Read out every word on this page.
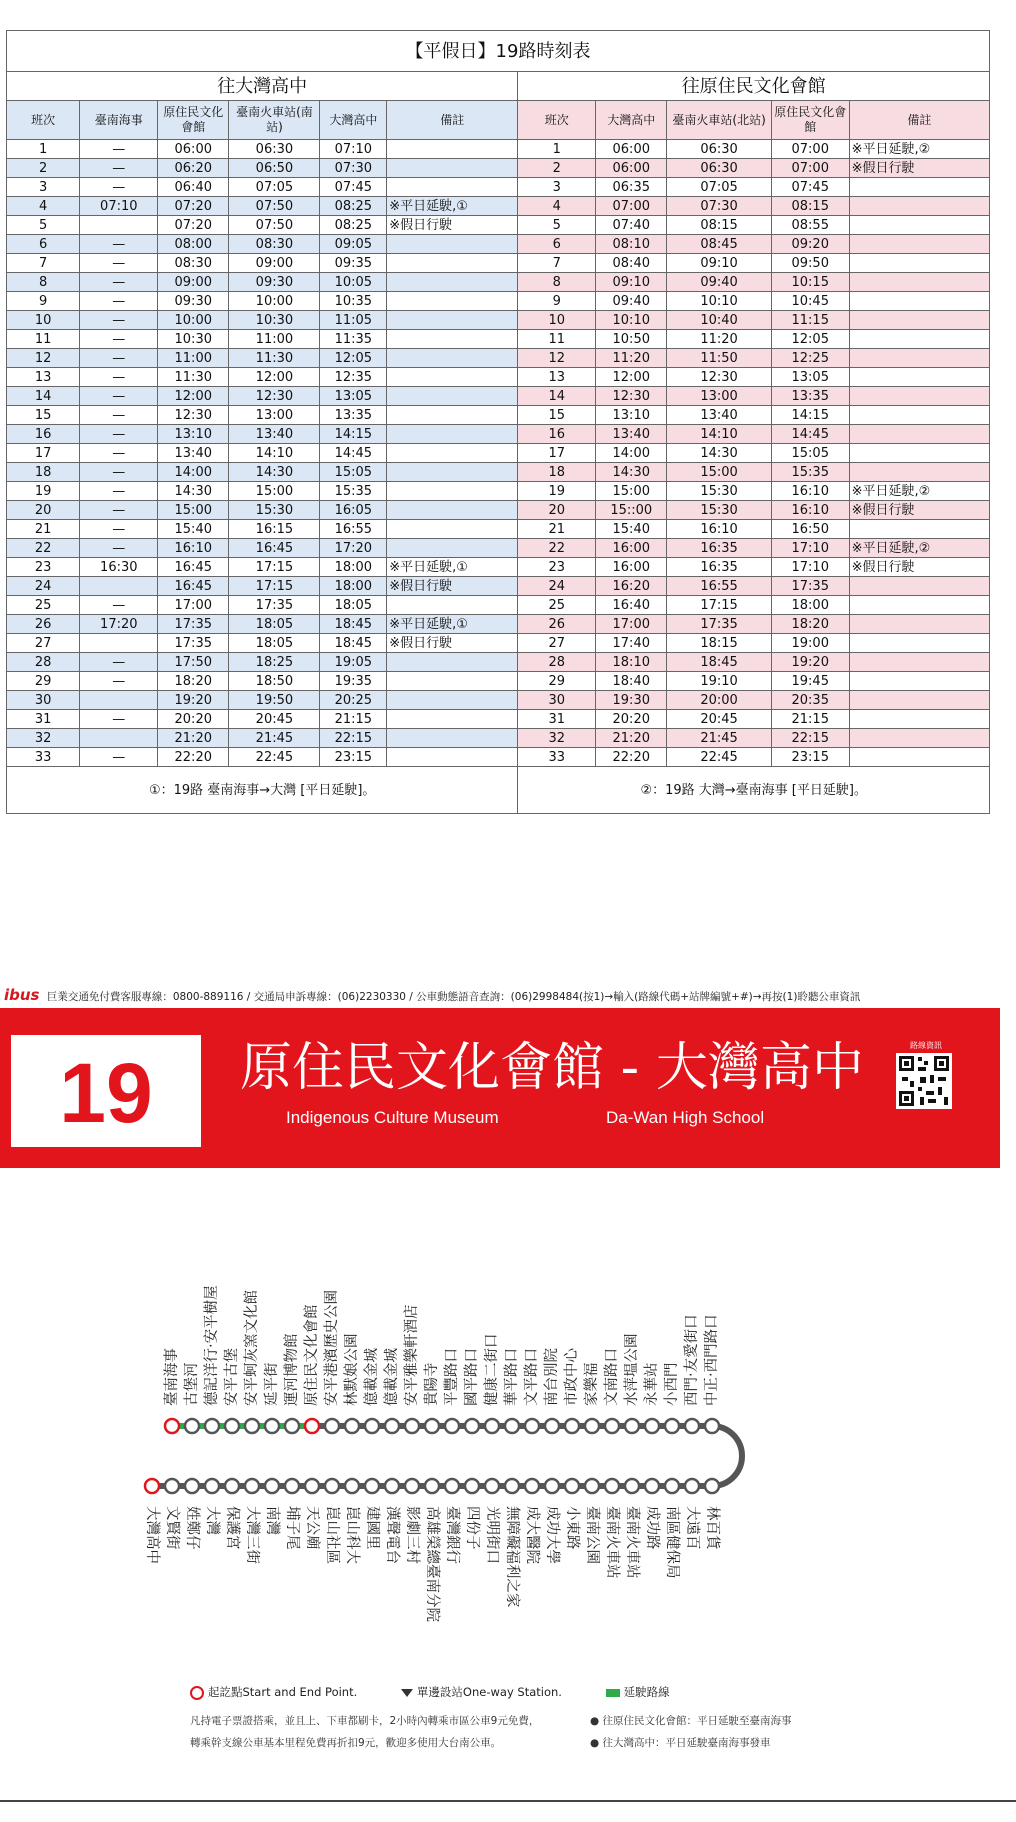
【平假日】19路時刻表										
往大灣高中						往原住民文化會館				
班次	臺南海事	原住民文化會館	臺南火車站(南站)	大灣高中	備註	班次	大灣高中	臺南火車站(北站)	原住民文化會館	備註
1	—	06:00	06:30	07:10		1	06:00	06:30	07:00	※平日延駛,②
2	—	06:20	06:50	07:30		2	06:00	06:30	07:00	※假日行駛
3	—	06:40	07:05	07:45		3	06:35	07:05	07:45	
4	07:10	07:20	07:50	08:25	※平日延駛,①	4	07:00	07:30	08:15	
5		07:20	07:50	08:25	※假日行駛	5	07:40	08:15	08:55	
6	—	08:00	08:30	09:05		6	08:10	08:45	09:20	
7	—	08:30	09:00	09:35		7	08:40	09:10	09:50	
8	—	09:00	09:30	10:05		8	09:10	09:40	10:15	
9	—	09:30	10:00	10:35		9	09:40	10:10	10:45	
10	—	10:00	10:30	11:05		10	10:10	10:40	11:15	
11	—	10:30	11:00	11:35		11	10:50	11:20	12:05	
12	—	11:00	11:30	12:05		12	11:20	11:50	12:25	
13	—	11:30	12:00	12:35		13	12:00	12:30	13:05	
14	—	12:00	12:30	13:05		14	12:30	13:00	13:35	
15	—	12:30	13:00	13:35		15	13:10	13:40	14:15	
16	—	13:10	13:40	14:15		16	13:40	14:10	14:45	
17	—	13:40	14:10	14:45		17	14:00	14:30	15:05	
18	—	14:00	14:30	15:05		18	14:30	15:00	15:35	
19	—	14:30	15:00	15:35		19	15:00	15:30	16:10	※平日延駛,②
20	—	15:00	15:30	16:05		20	15::00	15:30	16:10	※假日行駛
21	—	15:40	16:15	16:55		21	15:40	16:10	16:50	
22	—	16:10	16:45	17:20		22	16:00	16:35	17:10	※平日延駛,②
23	16:30	16:45	17:15	18:00	※平日延駛,①	23	16:00	16:35	17:10	※假日行駛
24		16:45	17:15	18:00	※假日行駛	24	16:20	16:55	17:35	
25	—	17:00	17:35	18:05		25	16:40	17:15	18:00	
26	17:20	17:35	18:05	18:45	※平日延駛,①	26	17:00	17:35	18:20	
27		17:35	18:05	18:45	※假日行駛	27	17:40	18:15	19:00	
28	—	17:50	18:25	19:05		28	18:10	18:45	19:20	
29	—	18:20	18:50	19:35		29	18:40	19:10	19:45	
30		19:20	19:50	20:25		30	19:30	20:00	20:35	
31	—	20:20	20:45	21:15		31	20:20	20:45	21:15	
32		21:20	21:45	22:15		32	21:20	21:45	22:15	
33	—	22:20	22:45	23:15		33	22:20	22:45	23:15	
①：19路 臺南海事→大灣 [平日延駛]。						②：19路 大灣→臺南海事 [平日延駛]。				
ibus 巨業交通免付費客服專線：0800-889116 / 交通局申訴專線：(06)2230330 / 公車動態語音查詢：(06)2998484(按1)→輸入(路線代碼+站牌編號+#)→再按(1)聆聽公車資訊
19	原住民文化會館 - 大灣高中
Indigenous Culture Museum	Da-Wan High School
路線資訊
臺南海事 古堡河 德記洋行‧安平樹屋 安平古堡 安平蚵灰窯文化館 延平街 運河博物館 原住民文化會館 安平港濱歷史公園 林默娘公園 億載金城 億載金城 安平雅樂軒酒店 貴陽寺 平豐路口 國平路口 健康二街口 華平路口 文平路口 南台別院 市政中心 家樂福 文南路口 水萍塭公園 永華站 小西門 西門‧友愛街口 中正‧西門路口
大灣高中 文賢街 姓鄭仔 大灣 保護宮 大灣三街 南灣 埔子尾 天公廟 崑山社區 崑山科大 建國里 漢聲電台 影劇三村 高雄榮總臺南分院 臺灣銀行 四份子 光明街口 無障礙福利之家 成大醫院 成功大學 小東路 臺南公園 臺南火車站 臺南火車站 成功路 南區健保局 大遠百 林百貨
起訖點Start and End Point.	單邊設站One-way Station.	延駛路線
凡持電子票證搭乘，並且上、下車都刷卡，2小時內轉乘市區公車9元免費，
轉乘幹支線公車基本里程免費再折扣9元，歡迎多使用大台南公車。
● 往原住民文化會館：平日延駛至臺南海事
● 往大灣高中：平日延駛臺南海事發車
